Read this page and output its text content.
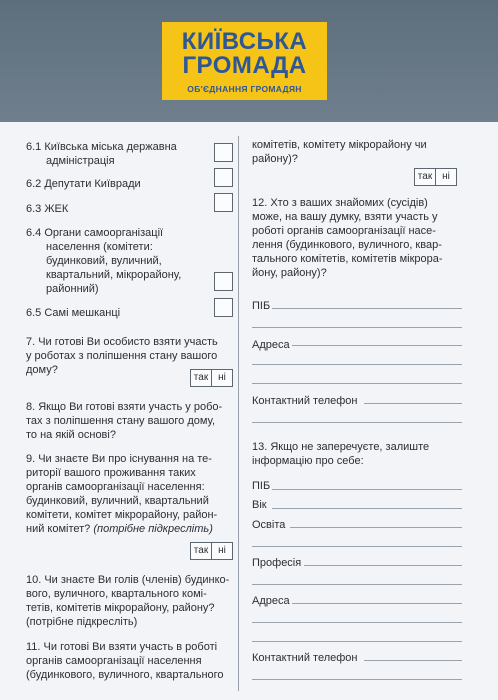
КИЇВСЬКА
ГРОМАДА
ОБ'ЄДНАННЯ ГРОМАДЯН
6.1 Київська міська державна
адміністрація
6.2 Депутати Київради
6.3 ЖЕК
6.4 Органи самоорганізації
населення (комітети:
будинковий, вуличний,
квартальний, мікрорайону,
районний)
6.5 Самі мешканці
7. Чи готові Ви особисто взяти участь
у роботах з поліпшення стану вашого
дому?
так ні
8. Якщо Ви готові взяти участь у робо-
тах з поліпшення стану вашого дому,
то на якій основі?
9. Чи знаєте Ви про існування на те-
риторії вашого проживання таких
органів самоорганізації населення:
будинковий, вуличний, квартальний
комітети, комітет мікрорайону, район-
ний комітет? (потрібне підкресліть)
так ні
10. Чи знаєте Ви голів (членів) будинко-
вого, вуличного, квартального комі-
тетів, комітетів мікрорайону, району?
(потрібне підкресліть)
11. Чи готові Ви взяти участь в роботі
органів самоорганізації населення
(будинкового, вуличного, квартального
комітетів, комітету мікрорайону чи
району)?
так ні
12. Хто з ваших знайомих (сусідів)
може, на вашу думку, взяти участь у
роботі органів самоорганізації насе-
лення (будинкового, вуличного, квар-
тального комітетів, комітетів мікрора-
йону, району)?
ПІБ
Адреса
Контактний телефон
13. Якщо не заперечуєте, залиште
інформацію про себе:
ПІБ
Вік
Освіта
Професія
Адреса
Контактний телефон
